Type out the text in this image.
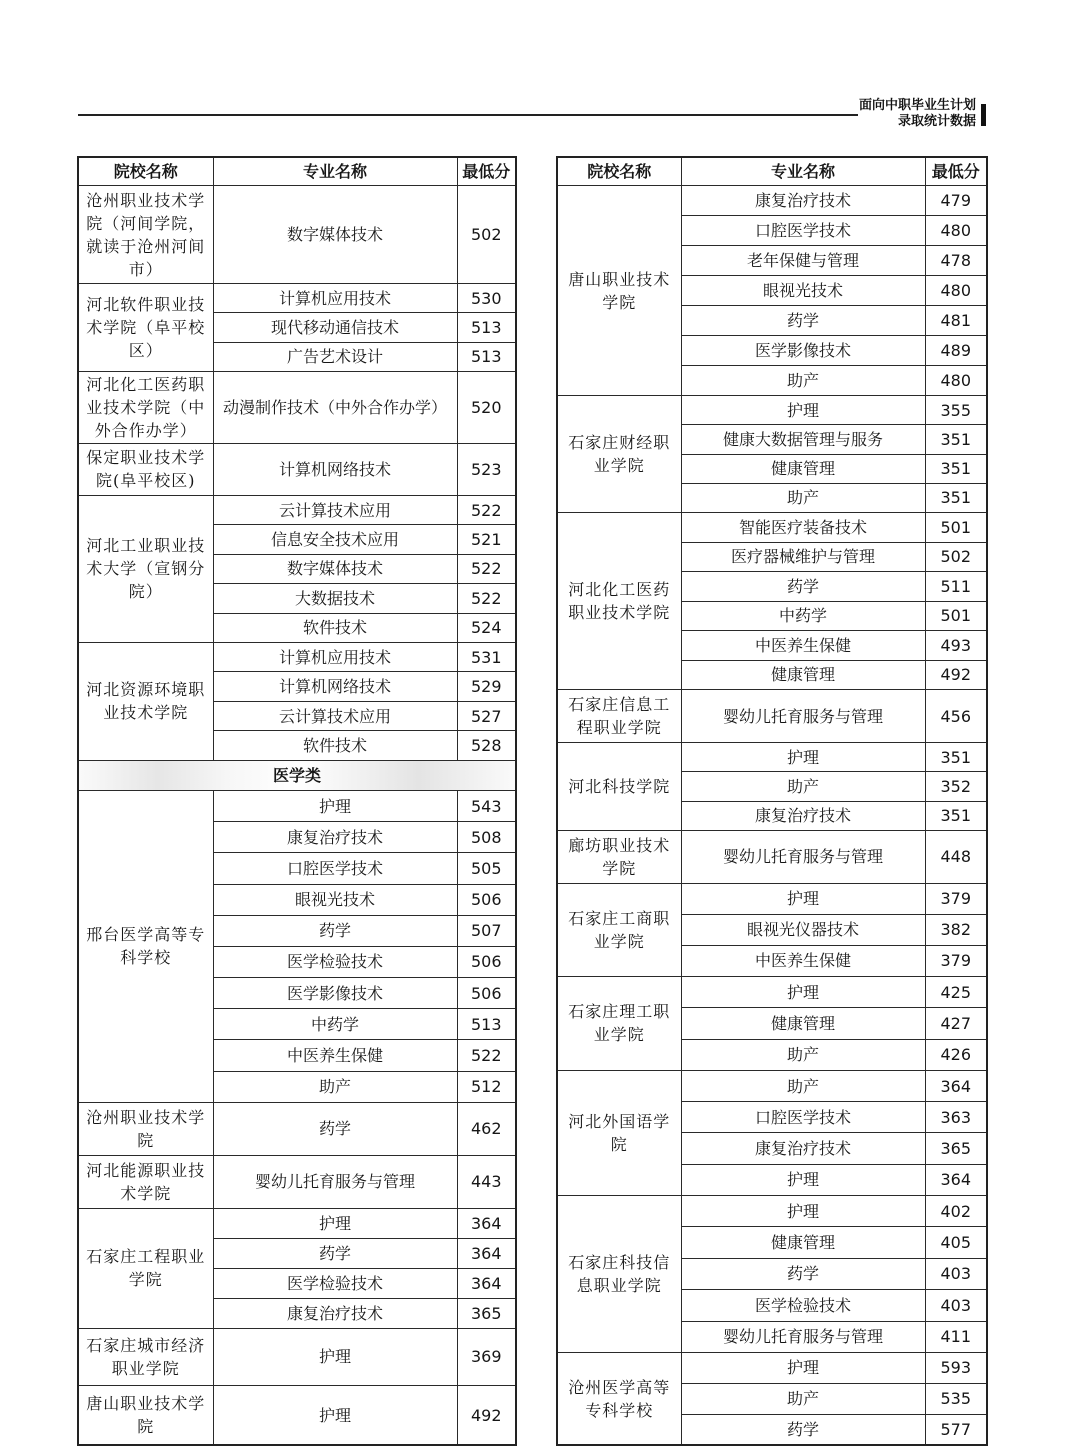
面向中职毕业生计划
录取统计数据
院校名称	专业名称	最低分
沧州职业技术学院（河间学院，就读于沧州河间市）	数字媒体技术	502
河北软件职业技术学院（阜平校区）	计算机应用技术	530
	现代移动通信技术	513
	广告艺术设计	513
河北化工医药职业技术学院（中外合作办学）	动漫制作技术（中外合作办学）	520
保定职业技术学院(阜平校区)	计算机网络技术	523
河北工业职业技术大学（宣钢分院）	云计算技术应用	522
	信息安全技术应用	521
	数字媒体技术	522
	大数据技术	522
	软件技术	524
河北资源环境职业技术学院	计算机应用技术	531
	计算机网络技术	529
	云计算技术应用	527
	软件技术	528
医学类		
邢台医学高等专科学校	护理	543
	康复治疗技术	508
	口腔医学技术	505
	眼视光技术	506
	药学	507
	医学检验技术	506
	医学影像技术	506
	中药学	513
	中医养生保健	522
	助产	512
沧州职业技术学院	药学	462
河北能源职业技术学院	婴幼儿托育服务与管理	443
石家庄工程职业学院	护理	364
	药学	364
	医学检验技术	364
	康复治疗技术	365
石家庄城市经济职业学院	护理	369
唐山职业技术学院	护理	492
院校名称	专业名称	最低分
唐山职业技术学院	康复治疗技术	479
	口腔医学技术	480
	老年保健与管理	478
	眼视光技术	480
	药学	481
	医学影像技术	489
	助产	480
石家庄财经职业学院	护理	355
	健康大数据管理与服务	351
	健康管理	351
	助产	351
河北化工医药职业技术学院	智能医疗装备技术	501
	医疗器械维护与管理	502
	药学	511
	中药学	501
	中医养生保健	493
	健康管理	492
石家庄信息工程职业学院	婴幼儿托育服务与管理	456
河北科技学院	护理	351
	助产	352
	康复治疗技术	351
廊坊职业技术学院	婴幼儿托育服务与管理	448
石家庄工商职业学院	护理	379
	眼视光仪器技术	382
	中医养生保健	379
石家庄理工职业学院	护理	425
	健康管理	427
	助产	426
河北外国语学院	助产	364
	口腔医学技术	363
	康复治疗技术	365
	护理	364
石家庄科技信息职业学院	护理	402
	健康管理	405
	药学	403
	医学检验技术	403
	婴幼儿托育服务与管理	411
沧州医学高等专科学校	护理	593
	助产	535
	药学	577
